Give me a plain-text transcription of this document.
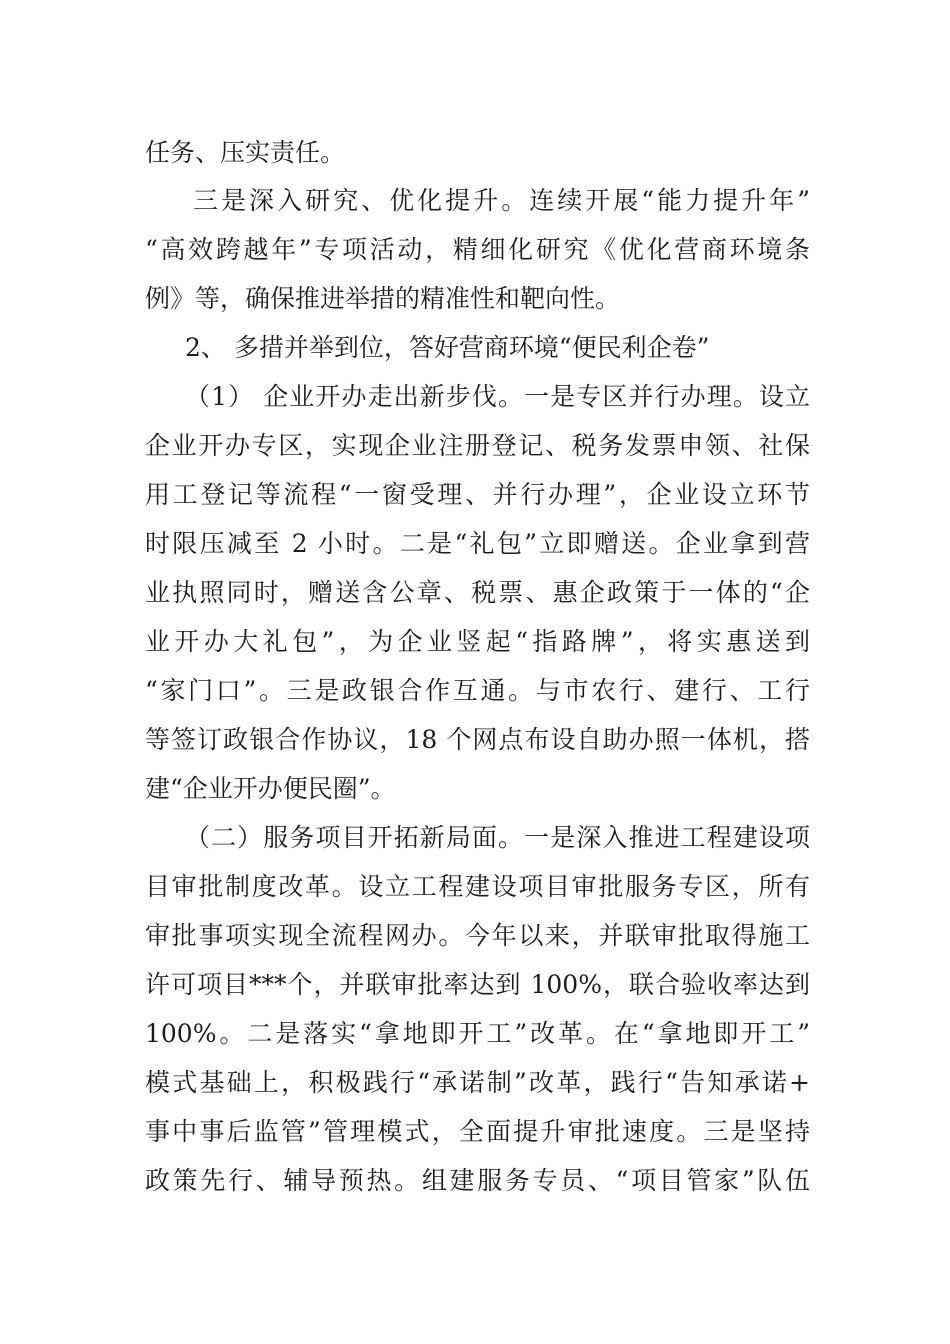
任务、压实责任。
三是深入研究、优化提升。连续开展“能力提升年”
“高效跨越年”专项活动，精细化研究《优化营商环境条
例》等，确保推进举措的精准性和靶向性。
2、 多措并举到位，答好营商环境“便民利企卷”
（1） 企业开办走出新步伐。一是专区并行办理。设立
企业开办专区，实现企业注册登记、税务发票申领、社保
用工登记等流程“一窗受理、并行办理”，企业设立环节
时限压减至 2 小时。二是“礼包”立即赠送。企业拿到营
业执照同时，赠送含公章、税票、惠企政策于一体的“企
业开办大礼包”，为企业竖起“指路牌”，将实惠送到
“家门口”。三是政银合作互通。与市农行、建行、工行
等签订政银合作协议，18 个网点布设自助办照一体机，搭
建“企业开办便民圈”。
（二）服务项目开拓新局面。一是深入推进工程建设项
目审批制度改革。设立工程建设项目审批服务专区，所有
审批事项实现全流程网办。今年以来，并联审批取得施工
许可项目***个，并联审批率达到 100%，联合验收率达到
100%。二是落实“拿地即开工”改革。在“拿地即开工”
模式基础上，积极践行“承诺制”改革，践行“告知承诺+
事中事后监管”管理模式，全面提升审批速度。三是坚持
政策先行、辅导预热。组建服务专员、“项目管家”队伍
